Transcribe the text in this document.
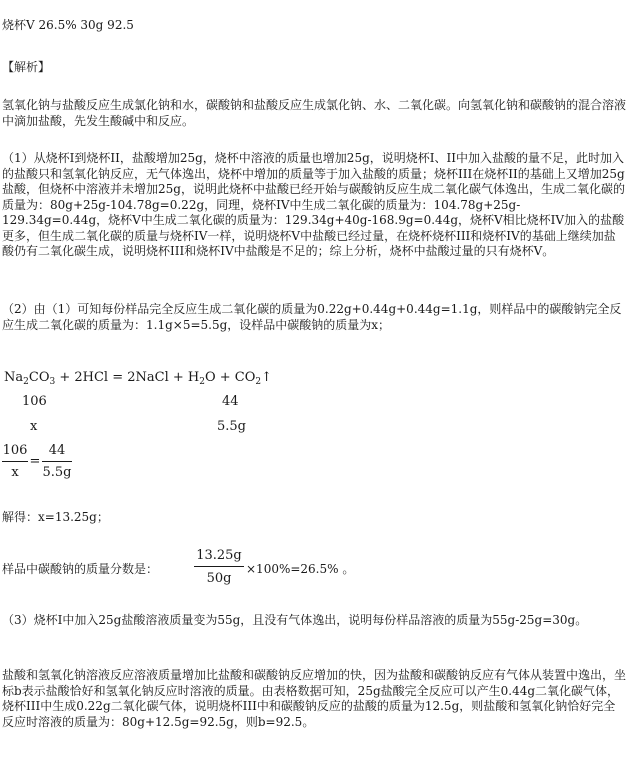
烧杯V 26.5% 30g 92.5
【解析】
氢氧化钠与盐酸反应生成氯化钠和水，碳酸钠和盐酸反应生成氯化钠、水、二氧化碳。向氢氧化钠和碳酸钠的混合溶液中滴加盐酸，先发生酸碱中和反应。
（1）从烧杯I到烧杯II，盐酸增加25g，烧杯中溶液的质量也增加25g，说明烧杯I、II中加入盐酸的量不足，此时加入的盐酸只和氢氧化钠反应，无气体逸出，烧杯中增加的质量等于加入盐酸的质量；烧杯III在烧杯II的基础上又增加25g盐酸，但烧杯中溶液并未增加25g，说明此烧杯中盐酸已经开始与碳酸钠反应生成二氧化碳气体逸出，生成二氧化碳的质量为：80g+25g-104.78g=0.22g，同理，烧杯IV中生成二氧化碳的质量为：104.78g+25g-129.34g=0.44g，烧杯V中生成二氧化碳的质量为：129.34g+40g-168.9g=0.44g，烧杯V相比烧杯IV加入的盐酸更多，但生成二氧化碳的质量与烧杯IV一样，说明烧杯V中盐酸已经过量，在烧杯烧杯III和烧杯IV的基础上继续加盐酸仍有二氧化碳生成，说明烧杯III和烧杯IV中盐酸是不足的；综上分析，烧杯中盐酸过量的只有烧杯V。
（2）由（1）可知每份样品完全反应生成二氧化碳的质量为0.22g+0.44g+0.44g=1.1g，则样品中的碳酸钠完全反应生成二氧化碳的质量为：1.1g×5=5.5g，设样品中碳酸钠的质量为x；
$Na_2CO_3 + 2HCl$ = 2NaCl + $H_2O$ + $CO_2↑$
106	44
x	5.5g
106
x
=
44
5.5g
解得：x=13.25g；
样品中碳酸钠的质量分数是：
13.25g
50g
×100%=26.5% 。
（3）烧杯I中加入25g盐酸溶液质量变为55g，且没有气体逸出，说明每份样品溶液的质量为55g-25g=30g。
盐酸和氢氧化钠溶液反应溶液质量增加比盐酸和碳酸钠反应增加的快，因为盐酸和碳酸钠反应有气体从装置中逸出，坐标b表示盐酸恰好和氢氧化钠反应时溶液的质量。由表格数据可知，25g盐酸完全反应可以产生0.44g二氧化碳气体，烧杯III中生成0.22g二氧化碳气体，说明烧杯III中和碳酸钠反应的盐酸的质量为12.5g，则盐酸和氢氧化钠恰好完全反应时溶液的质量为：80g+12.5g=92.5g，则b=92.5。
